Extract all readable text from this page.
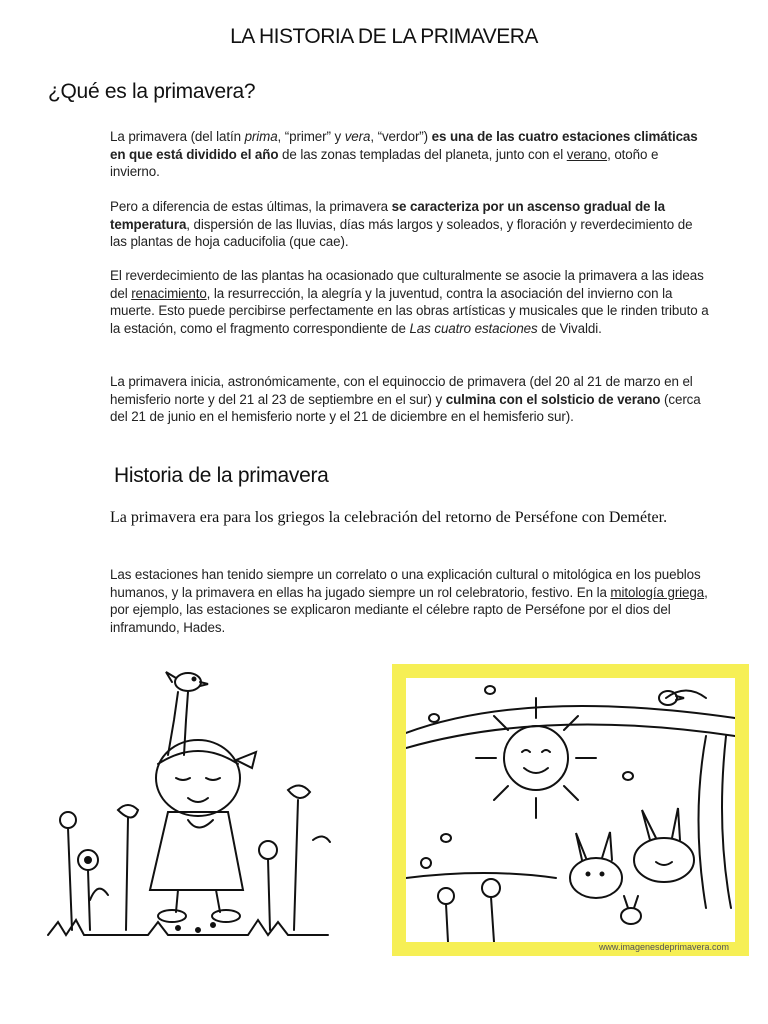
LA HISTORIA DE LA PRIMAVERA
¿Qué es la primavera?
La primavera (del latín prima, “primer” y vera, “verdor”) es una de las cuatro estaciones climáticas en que está dividido el año de las zonas templadas del planeta, junto con el verano, otoño e invierno.
Pero a diferencia de estas últimas, la primavera se caracteriza por un ascenso gradual de la temperatura, dispersión de las lluvias, días más largos y soleados, y floración y reverdecimiento de las plantas de hoja caducifolia (que cae).
El reverdecimiento de las plantas ha ocasionado que culturalmente se asocie la primavera a las ideas del renacimiento, la resurrección, la alegría y la juventud, contra la asociación del invierno con la muerte. Esto puede percibirse perfectamente en las obras artísticas y musicales que le rinden tributo a la estación, como el fragmento correspondiente de Las cuatro estaciones de Vivaldi.
La primavera inicia, astronómicamente, con el equinoccio de primavera (del 20 al 21 de marzo en el hemisferio norte y del 21 al 23 de septiembre en el sur) y culmina con el solsticio de verano (cerca del 21 de junio en el hemisferio norte y el 21 de diciembre en el hemisferio sur).
Historia de la primavera
La primavera era para los griegos la celebración del retorno de Perséfone con Deméter.
Las estaciones han tenido siempre un correlato o una explicación cultural o mitológica en los pueblos humanos, y la primavera en ellas ha jugado siempre un rol celebratorio, festivo. En la mitología griega, por ejemplo, las estaciones se explicaron mediante el célebre rapto de Perséfone por el dios del inframundo, Hades.
www.imagenesdeprimavera.com
